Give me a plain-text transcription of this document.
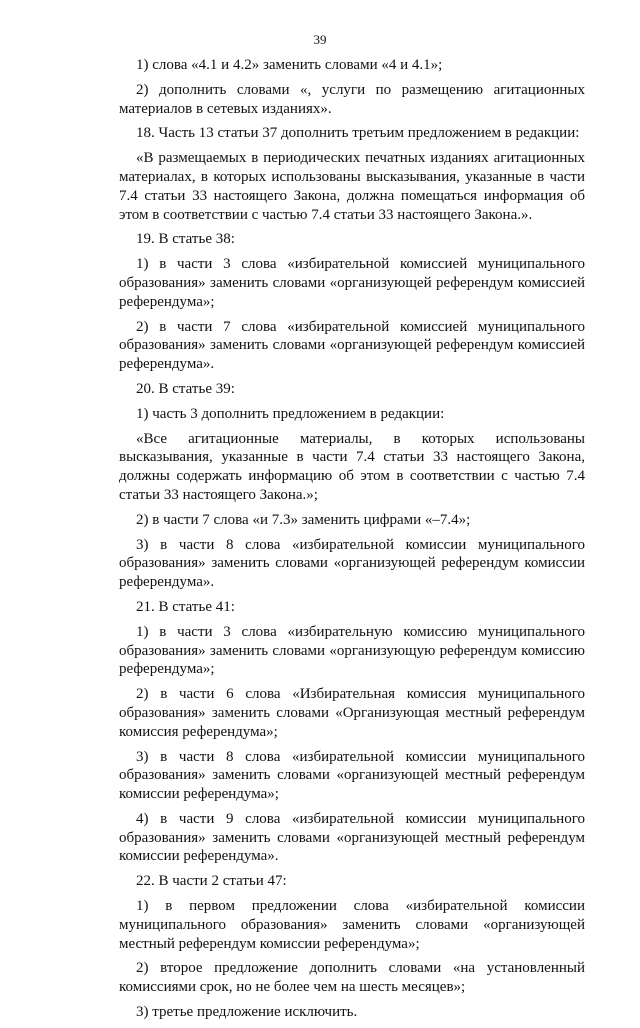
39

1) слова «4.1 и 4.2» заменить словами «4 и 4.1»;

2) дополнить словами «, услуги по размещению агитационных материалов в сетевых изданиях».

18. Часть 13 статьи 37 дополнить третьим предложением в редакции:

«В размещаемых в периодических печатных изданиях агитационных материалах, в которых использованы высказывания, указанные в части 7.4 статьи 33 настоящего Закона, должна помещаться информация об этом в соответствии с частью 7.4 статьи 33 настоящего Закона.».

19. В статье 38:

1) в части 3 слова «избирательной комиссией муниципального образования» заменить словами «организующей референдум комиссией референдума»;

2) в части 7 слова «избирательной комиссией муниципального образования» заменить словами «организующей референдум комиссией референдума».

20. В статье 39:

1) часть 3 дополнить предложением в редакции:

«Все агитационные материалы, в которых использованы высказывания, указанные в части 7.4 статьи 33 настоящего Закона, должны содержать информацию об этом в соответствии с частью 7.4 статьи 33 настоящего Закона.»;

2) в части 7 слова «и 7.3» заменить цифрами «–7.4»;

3) в части 8 слова «избирательной комиссии муниципального образования» заменить словами «организующей референдум комиссии референдума».

21. В статье 41:

1) в части 3 слова «избирательную комиссию муниципального образования» заменить словами «организующую референдум комиссию референдума»;

2) в части 6 слова «Избирательная комиссия муниципального образования» заменить словами «Организующая местный референдум комиссия референдума»;

3) в части 8 слова «избирательной комиссии муниципального образования» заменить словами «организующей местный референдум комиссии референдума»;

4) в части 9 слова «избирательной комиссии муниципального образования» заменить словами «организующей местный референдум комиссии референдума».

22. В части 2 статьи 47:

1) в первом предложении слова «избирательной комиссии муниципального образования» заменить словами «организующей местный референдум комиссии референдума»;

2) второе предложение дополнить словами «на установленный комиссиями срок, но не более чем на шесть месяцев»;

3) третье предложение исключить.
